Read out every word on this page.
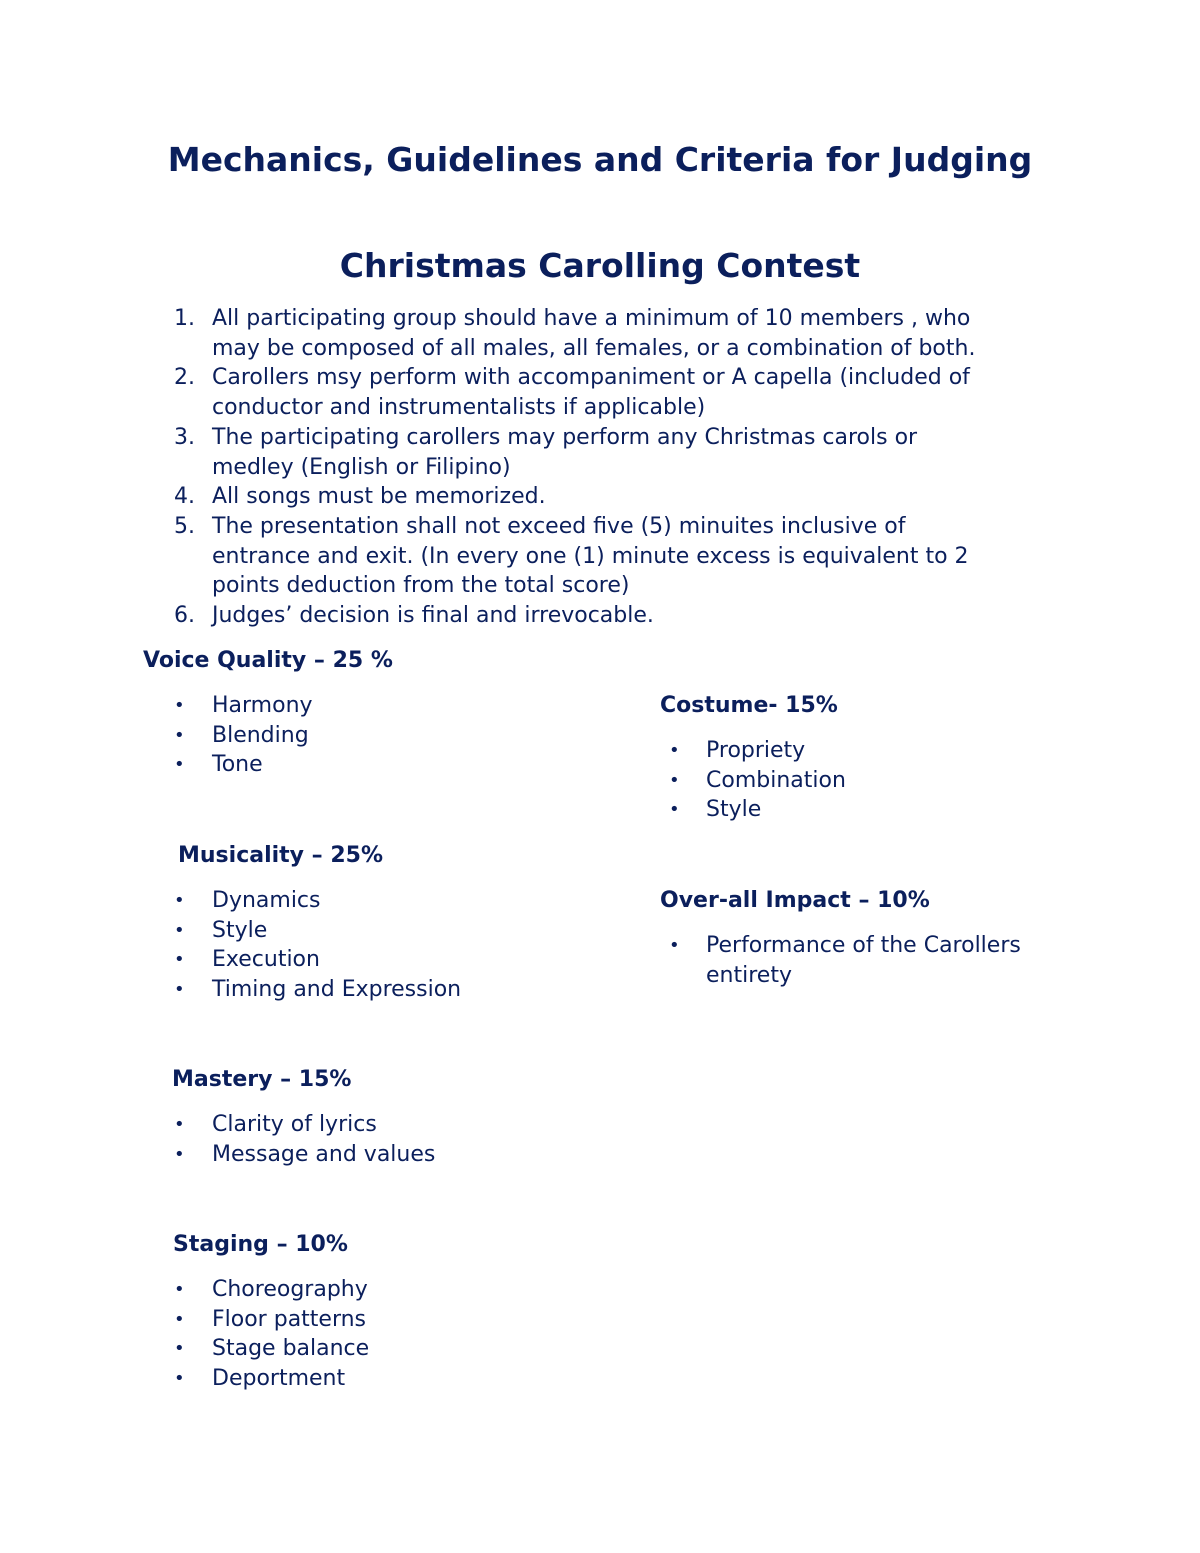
Mechanics, Guidelines and Criteria for Judging
Christmas Carolling Contest
1. All participating group should have a minimum of 10 members , who
may be composed of all males, all females, or a combination of both.
2. Carollers msy perform with accompaniment or A capella (included of
conductor and instrumentalists if applicable)
3. The participating carollers may perform any Christmas carols or
medley (English or Filipino)
4. All songs must be memorized.
5. The presentation shall not exceed five (5) minuites inclusive of
entrance and exit. (In every one (1) minute excess is equivalent to 2
points deduction from the total score)
6. Judges’ decision is final and irrevocable.
Voice Quality – 25 %
• Harmony
• Blending
• Tone
Musicality – 25%
• Dynamics
• Style
• Execution
• Timing and Expression
Mastery – 15%
• Clarity of lyrics
• Message and values
Staging – 10%
• Choreography
• Floor patterns
• Stage balance
• Deportment
Costume- 15%
• Propriety
• Combination
• Style
Over-all Impact – 10%
• Performance of the Carollers entirety
